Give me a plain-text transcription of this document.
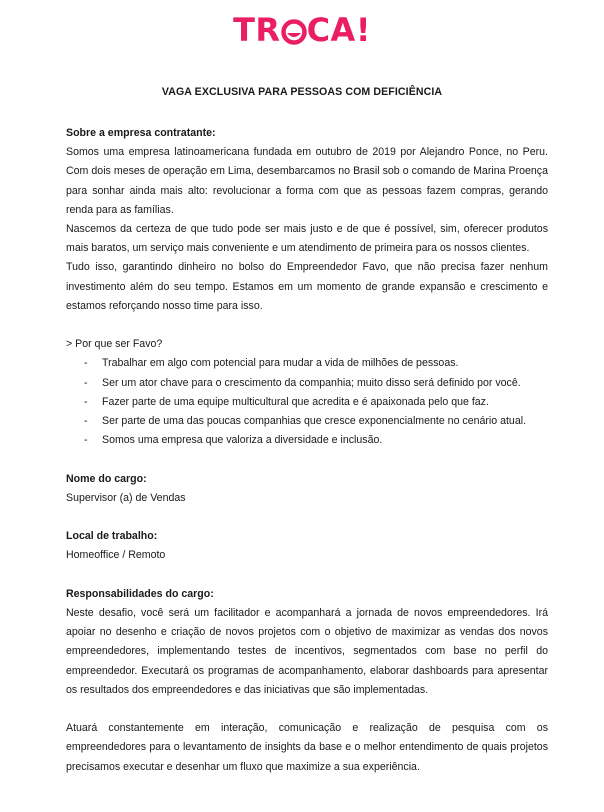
TR CA!
VAGA EXCLUSIVA PARA PESSOAS COM DEFICIÊNCIA

Sobre a empresa contratante:

Somos uma empresa latinoamericana fundada em outubro de 2019 por Alejandro Ponce, no Peru. Com dois meses de operação em Lima, desembarcamos no Brasil sob o comando de Marina Proença para sonhar ainda mais alto: revolucionar a forma com que as pessoas fazem compras, gerando renda para as famílias.

Nascemos da certeza de que tudo pode ser mais justo e de que é possível, sim, oferecer produtos mais baratos, um serviço mais conveniente e um atendimento de primeira para os nossos clientes.

Tudo isso, garantindo dinheiro no bolso do Empreendedor Favo, que não precisa fazer nenhum investimento além do seu tempo. Estamos em um momento de grande expansão e crescimento e estamos reforçando nosso time para isso.

> Por que ser Favo?

- Trabalhar em algo com potencial para mudar a vida de milhões de pessoas.
- Ser um ator chave para o crescimento da companhia; muito disso será definido por você.
- Fazer parte de uma equipe multicultural que acredita e é apaixonada pelo que faz.
- Ser parte de uma das poucas companhias que cresce exponencialmente no cenário atual.
- Somos uma empresa que valoriza a diversidade e inclusão.

Nome do cargo:

Supervisor (a) de Vendas

Local de trabalho:

Homeoffice / Remoto

Responsabilidades do cargo:

Neste desafio, você será um facilitador e acompanhará a jornada de novos empreendedores. Irá apoiar no desenho e criação de novos projetos com o objetivo de maximizar as vendas dos novos empreendedores, implementando testes de incentivos, segmentados com base no perfil do empreendedor. Executará os programas de acompanhamento, elaborar dashboards para apresentar os resultados dos empreendedores e das iniciativas que são implementadas.

Atuará constantemente em interação, comunicação e realização de pesquisa com os empreendedores para o levantamento de insights da base e o melhor entendimento de quais projetos precisamos executar e desenhar um fluxo que maximize a sua experiência.
